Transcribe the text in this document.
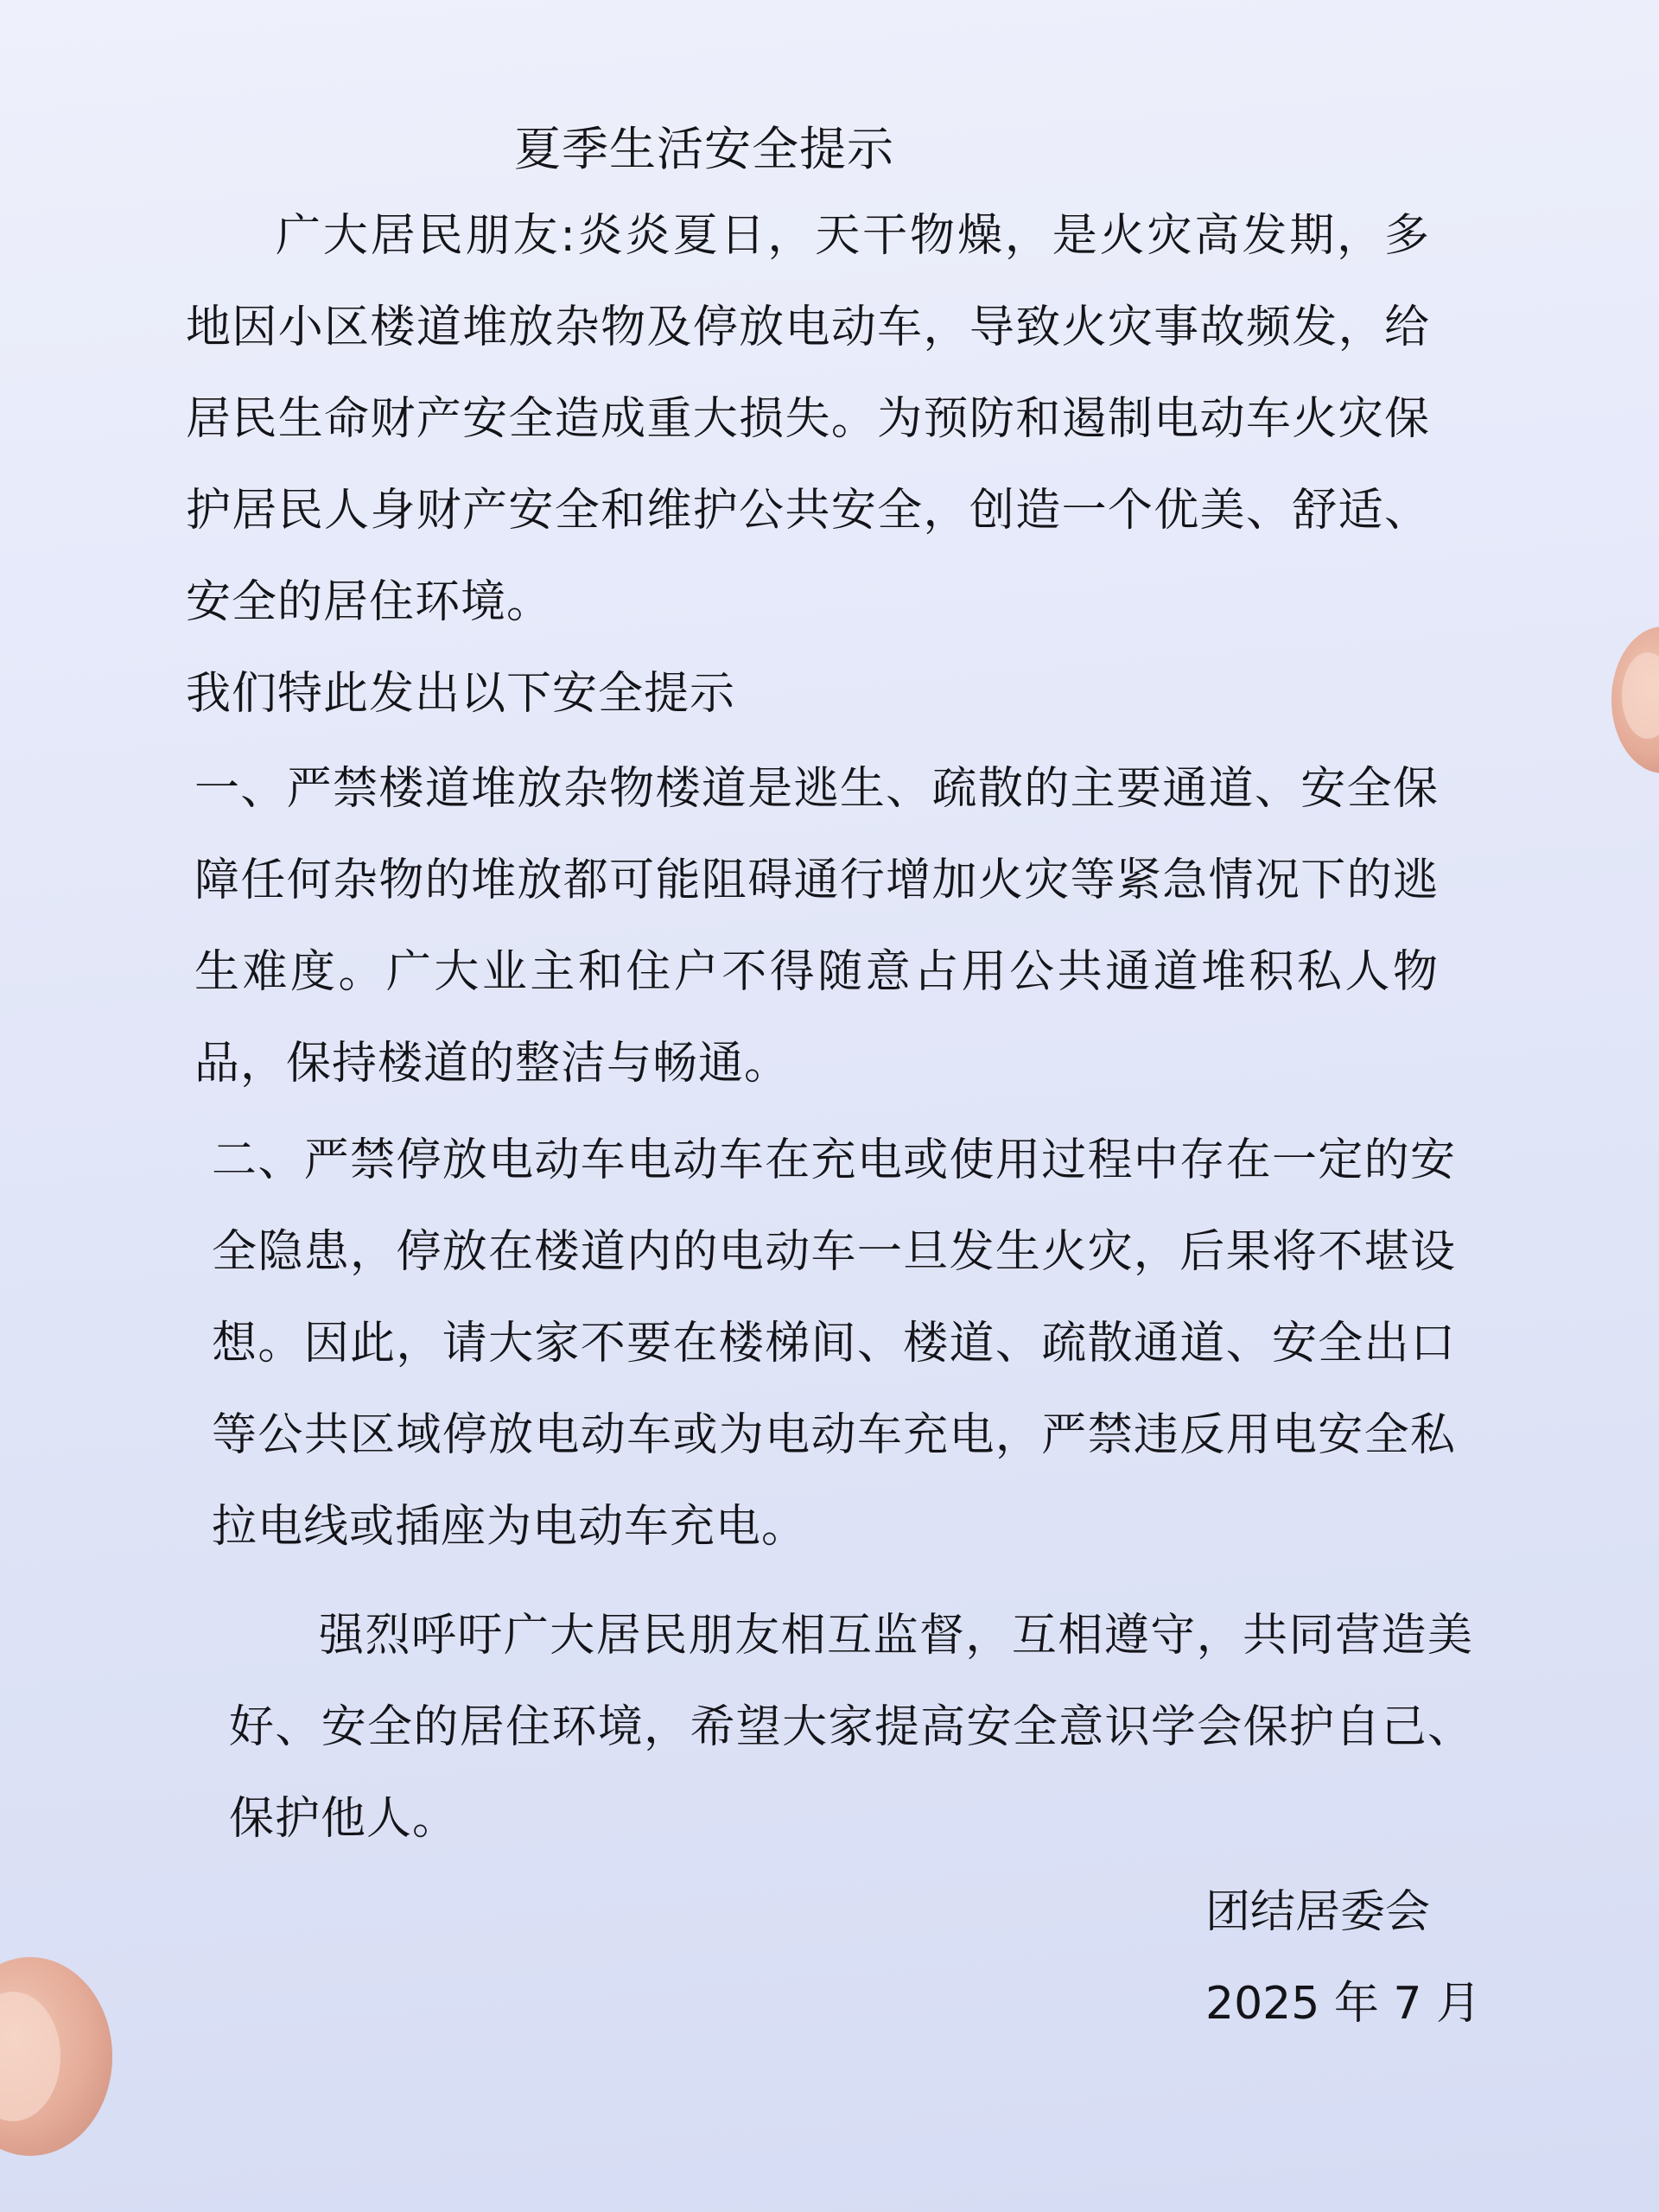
夏季生活安全提示
广大居民朋友:炎炎夏日，天干物燥，是火灾高发期，多地因小区楼道堆放杂物及停放电动车，导致火灾事故频发，给居民生命财产安全造成重大损失。为预防和遏制电动车火灾保护居民人身财产安全和维护公共安全，创造一个优美、舒适、安全的居住环境。
我们特此发出以下安全提示
一、严禁楼道堆放杂物楼道是逃生、疏散的主要通道、安全保障任何杂物的堆放都可能阻碍通行增加火灾等紧急情况下的逃生难度。广大业主和住户不得随意占用公共通道堆积私人物品，保持楼道的整洁与畅通。
二、严禁停放电动车电动车在充电或使用过程中存在一定的安全隐患，停放在楼道内的电动车一旦发生火灾，后果将不堪设想。因此，请大家不要在楼梯间、楼道、疏散通道、安全出口等公共区域停放电动车或为电动车充电，严禁违反用电安全私拉电线或插座为电动车充电。
强烈呼吁广大居民朋友相互监督，互相遵守，共同营造美好、安全的居住环境，希望大家提高安全意识学会保护自己、保护他人。
团结居委会
2025 年 7 月
